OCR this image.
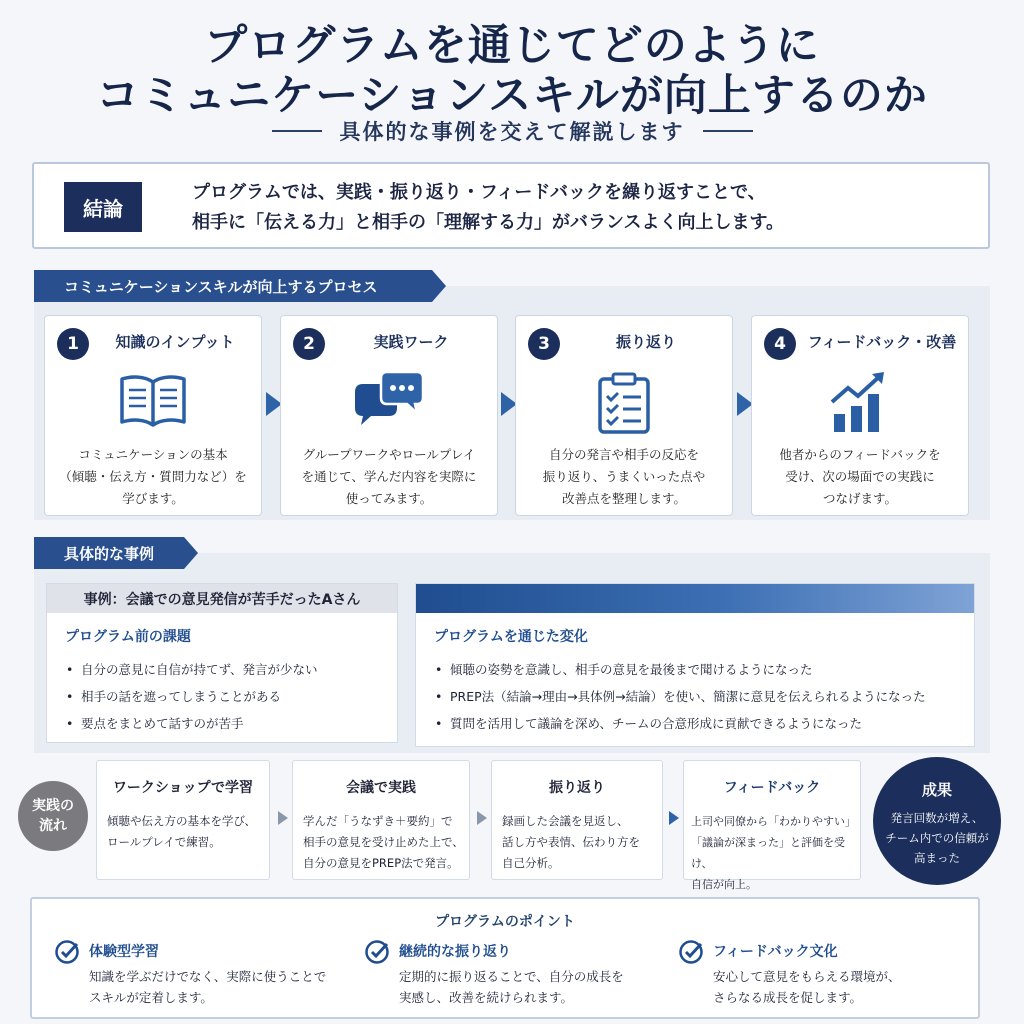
プログラムを通じてどのように
コミュニケーションスキルが向上するのか
具体的な事例を交えて解説します
結論
プログラムでは、実践・振り返り・フィードバックを繰り返すことで、
相手に「伝える力」と相手の「理解する力」がバランスよく向上します。
コミュニケーションスキルが向上するプロセス
1	知識のインプット
コミュニケーションの基本
（傾聴・伝え方・質問力など）を
学びます。
2	実践ワーク
グループワークやロールプレイ
を通じて、学んだ内容を実際に
使ってみます。
3	振り返り
自分の発言や相手の反応を
振り返り、うまくいった点や
改善点を整理します。
4	フィードバック・改善
他者からのフィードバックを
受け、次の場面での実践に
つなげます。
具体的な事例
事例：会議での意見発信が苦手だったAさん
プログラム前の課題
• 自分の意見に自信が持てず、発言が少ない
• 相手の話を遮ってしまうことがある
• 要点をまとめて話すのが苦手
プログラムを通じた変化
• 傾聴の姿勢を意識し、相手の意見を最後まで聞けるようになった
• PREP法（結論→理由→具体例→結論）を使い、簡潔に意見を伝えられるようになった
• 質問を活用して議論を深め、チームの合意形成に貢献できるようになった
実践の
流れ
ワークショップで学習
傾聴や伝え方の基本を学び、
ロールプレイで練習。
会議で実践
学んだ「うなずき＋要約」で
相手の意見を受け止めた上で、
自分の意見をPREP法で発言。
振り返り
録画した会議を見返し、
話し方や表情、伝わり方を
自己分析。
フィードバック
上司や同僚から「わかりやすい」
「議論が深まった」と評価を受け、
自信が向上。
成果
発言回数が増え、
チーム内での信頼が
高まった
プログラムのポイント
体験型学習
知識を学ぶだけでなく、実際に使うことで
スキルが定着します。
継続的な振り返り
定期的に振り返ることで、自分の成長を
実感し、改善を続けられます。
フィードバック文化
安心して意見をもらえる環境が、
さらなる成長を促します。
